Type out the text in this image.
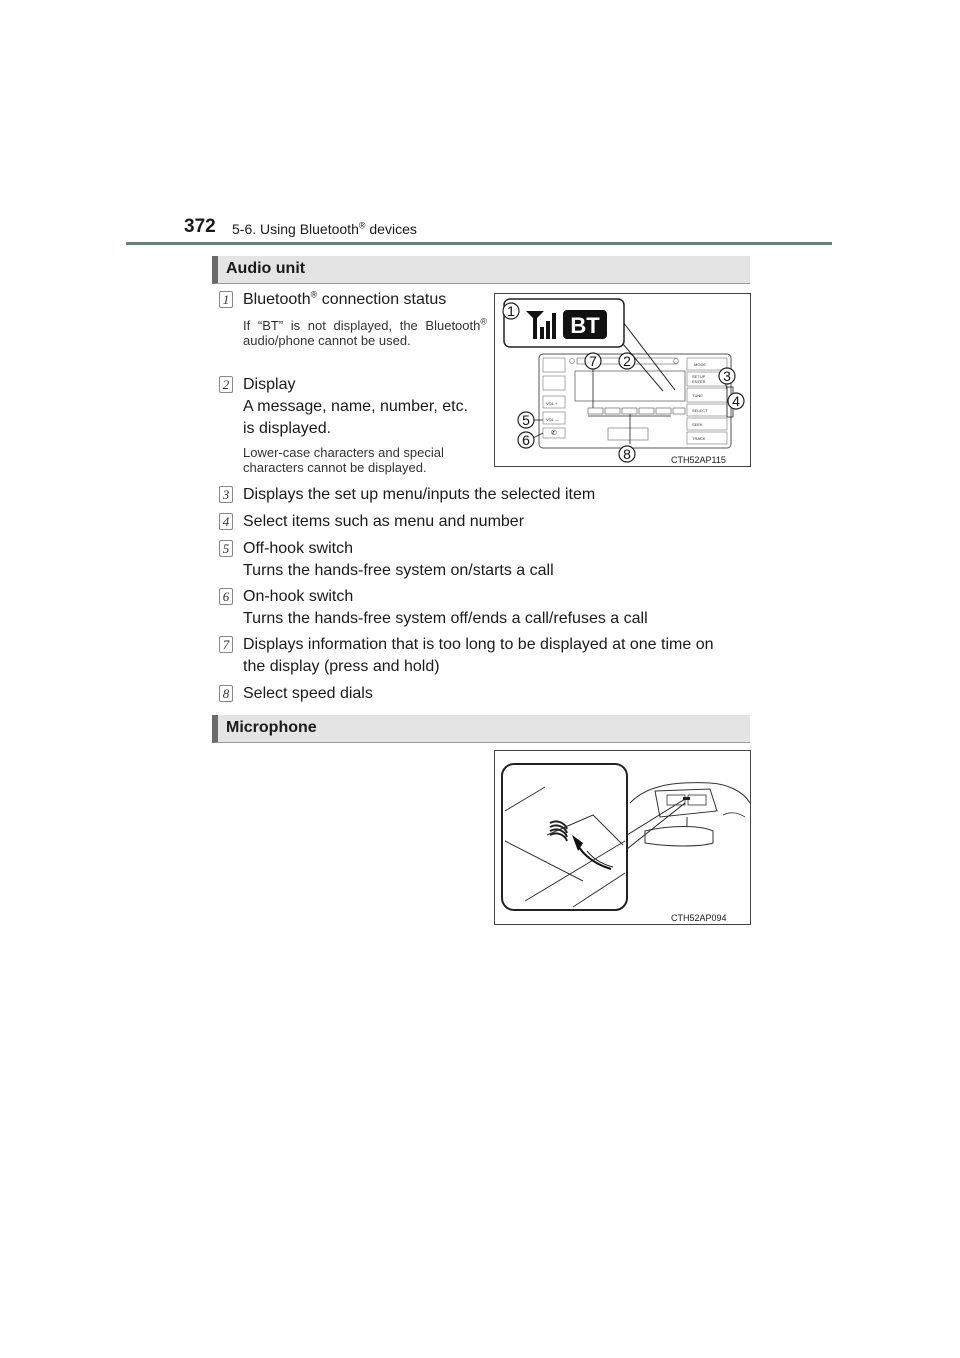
372 5-6. Using Bluetooth® devices
Audio unit
1 Bluetooth® connection status
If “BT” is not displayed, the Bluetooth® audio/phone cannot be used.
2 Display
A message, name, number, etc.
is displayed.
Lower-case characters and special characters cannot be displayed.
3 Displays the set up menu/inputs the selected item
4 Select items such as menu and number
5 Off-hook switch
Turns the hands-free system on/starts a call
6 On-hook switch
Turns the hands-free system off/ends a call/refuses a call
7 Displays information that is too long to be displayed at one time on
the display (press and hold)
8 Select speed dials
Microphone
VOL +
VOL —
✆
MODE
SETUP
ENTER
TUNE
SELECT
SEEK
TRACK
BT
1
7 2
3
4
5
6
8	CTH52AP115
CTH52AP094
